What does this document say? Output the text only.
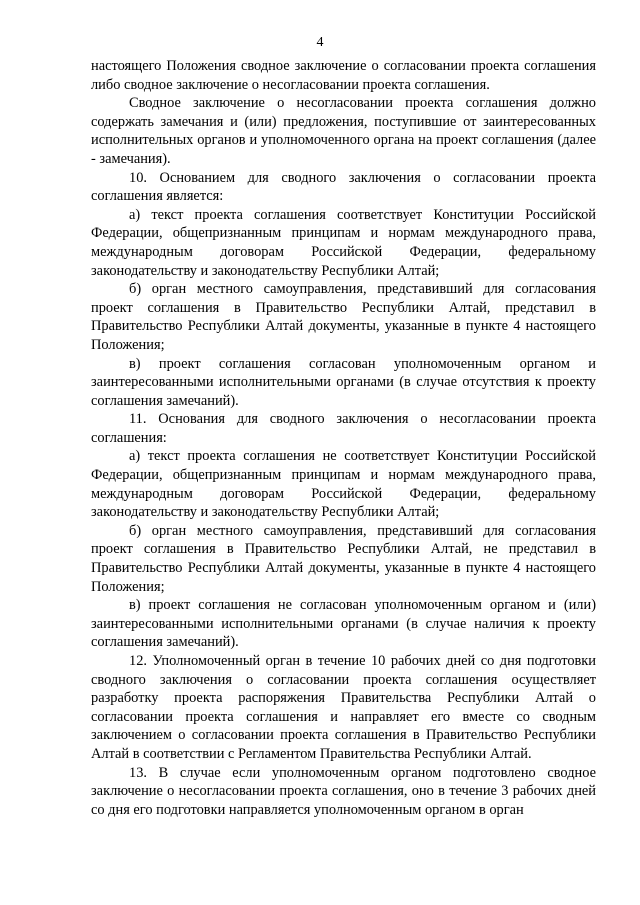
4

настоящего Положения сводное заключение о согласовании проекта соглашения либо сводное заключение о несогласовании проекта соглашения.

Сводное заключение о несогласовании проекта соглашения должно содержать замечания и (или) предложения, поступившие от заинтересованных исполнительных органов и уполномоченного органа на проект соглашения (далее - замечания).

10. Основанием для сводного заключения о согласовании проекта соглашения является:

а) текст проекта соглашения соответствует Конституции Российской Федерации, общепризнанным принципам и нормам международного права, международным договорам Российской Федерации, федеральному законодательству и законодательству Республики Алтай;

б) орган местного самоуправления, представивший для согласования проект соглашения в Правительство Республики Алтай, представил в Правительство Республики Алтай документы, указанные в пункте 4 настоящего Положения;

в) проект соглашения согласован уполномоченным органом и заинтересованными исполнительными органами (в случае отсутствия к проекту соглашения замечаний).

11. Основания для сводного заключения о несогласовании проекта соглашения:

а) текст проекта соглашения не соответствует Конституции Российской Федерации, общепризнанным принципам и нормам международного права, международным договорам Российской Федерации, федеральному законодательству и законодательству Республики Алтай;

б) орган местного самоуправления, представивший для согласования проект соглашения в Правительство Республики Алтай, не представил в Правительство Республики Алтай документы, указанные в пункте 4 настоящего Положения;

в) проект соглашения не согласован уполномоченным органом и (или) заинтересованными исполнительными органами (в случае наличия к проекту соглашения замечаний).

12. Уполномоченный орган в течение 10 рабочих дней со дня подготовки сводного заключения о согласовании проекта соглашения осуществляет разработку проекта распоряжения Правительства Республики Алтай о согласовании проекта соглашения и направляет его вместе со сводным заключением о согласовании проекта соглашения в Правительство Республики Алтай в соответствии с Регламентом Правительства Республики Алтай.

13. В случае если уполномоченным органом подготовлено сводное заключение о несогласовании проекта соглашения, оно в течение 3 рабочих дней со дня его подготовки направляется уполномоченным органом в орган
